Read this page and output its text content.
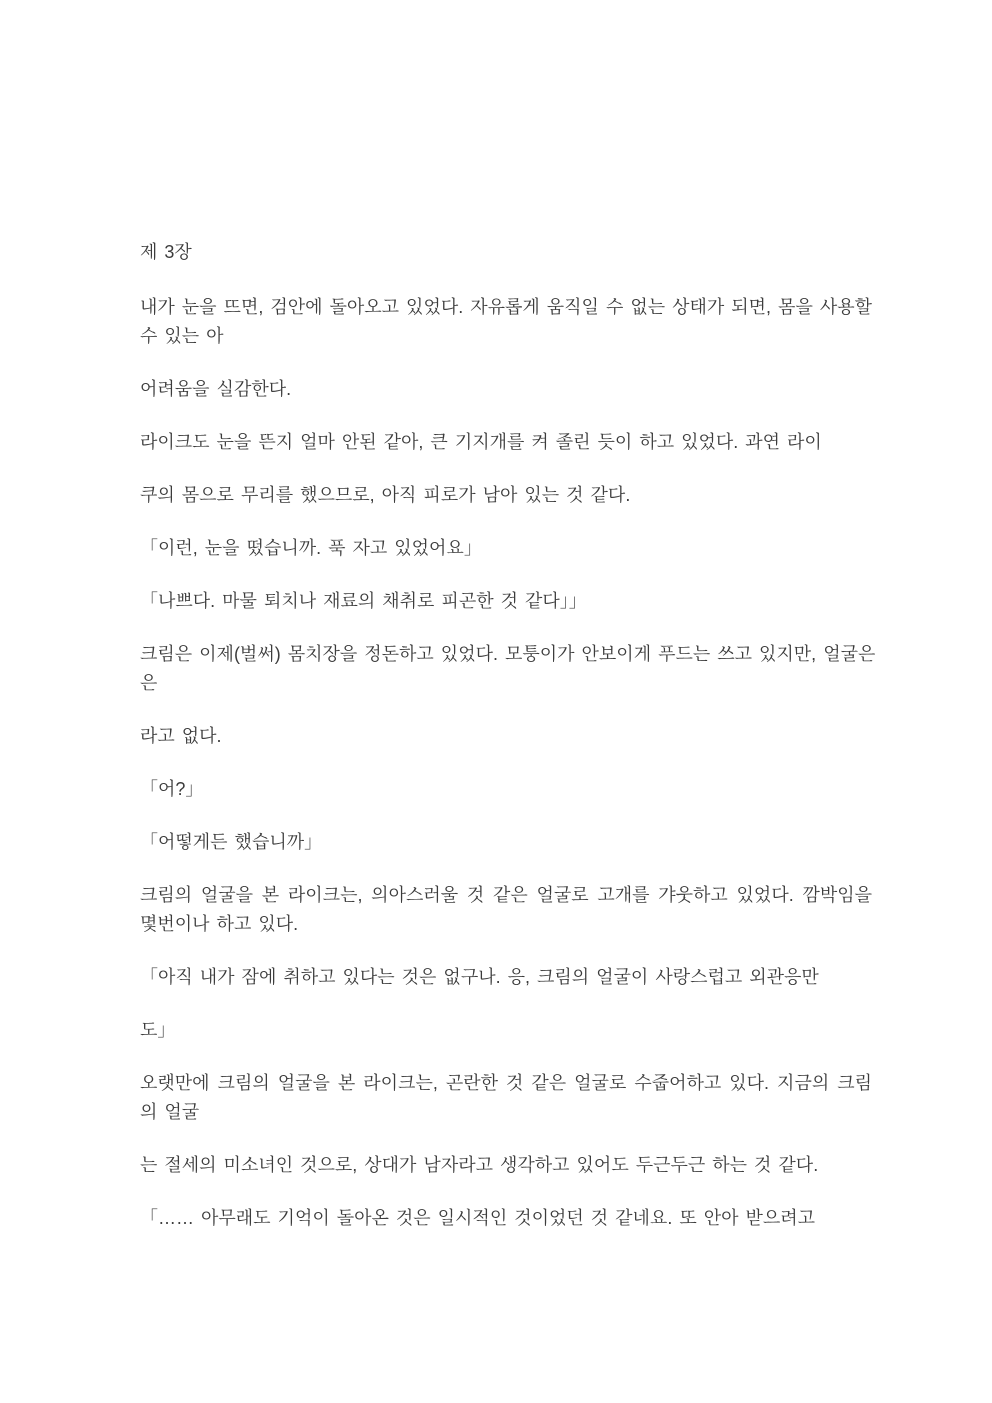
제 3장
내가 눈을 뜨면, 검안에 돌아오고 있었다. 자유롭게 움직일 수 없는 상태가 되면, 몸을 사용할
수 있는 아
어려움을 실감한다.
라이크도 눈을 뜬지 얼마 안된 같아, 큰 기지개를 켜 졸린 듯이 하고 있었다. 과연 라이
쿠의 몸으로 무리를 했으므로, 아직 피로가 남아 있는 것 같다.
「이런, 눈을 떴습니까. 푹 자고 있었어요」
「나쁘다. 마물 퇴치나 재료의 채취로 피곤한 것 같다」」
크림은 이제(벌써) 몸치장을 정돈하고 있었다. 모퉁이가 안보이게 푸드는 쓰고 있지만, 얼굴은
은
라고 없다.
「어?」
「어떻게든 했습니까」
크림의 얼굴을 본 라이크는, 의아스러울 것 같은 얼굴로 고개를 갸웃하고 있었다. 깜박임을
몇번이나 하고 있다.
「아직 내가 잠에 취하고 있다는 것은 없구나. 응, 크림의 얼굴이 사랑스럽고 외관응만
도」
오랫만에 크림의 얼굴을 본 라이크는, 곤란한 것 같은 얼굴로 수줍어하고 있다. 지금의 크림
의 얼굴
는 절세의 미소녀인 것으로, 상대가 남자라고 생각하고 있어도 두근두근 하는 것 같다.
「…… 아무래도 기억이 돌아온 것은 일시적인 것이었던 것 같네요. 또 안아 받으려고
